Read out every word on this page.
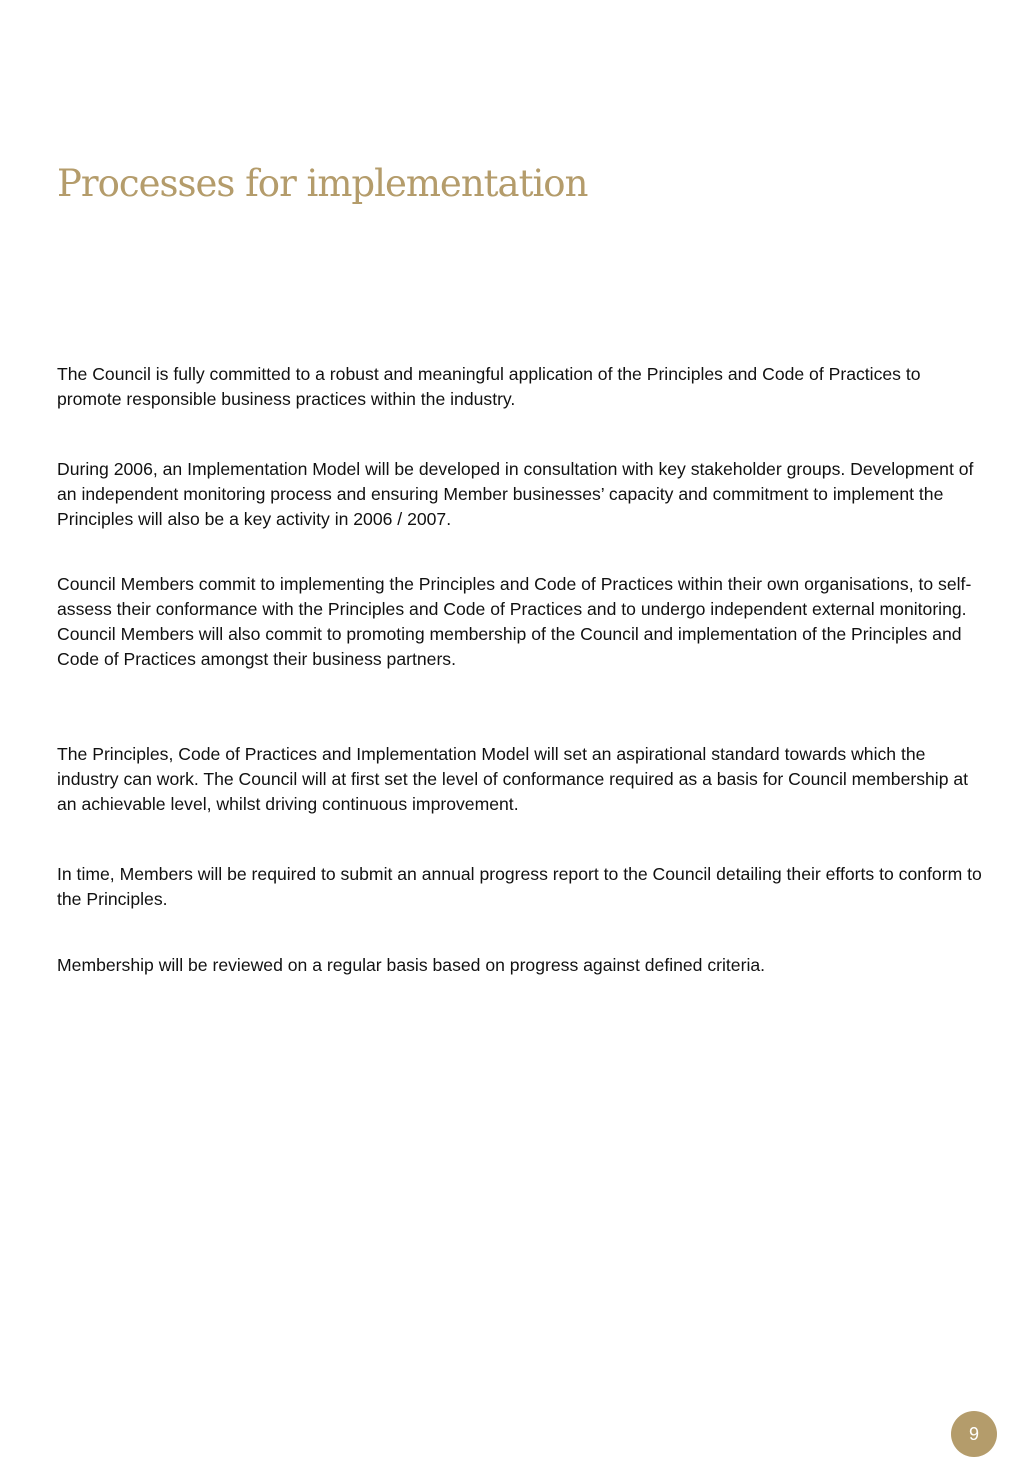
Processes for implementation

The Council is fully committed to a robust and meaningful application of the Principles and Code of Practices to promote responsible business practices within the industry.

During 2006, an Implementation Model will be developed in consultation with key stakeholder groups. Development of an independent monitoring process and ensuring Member businesses’ capacity and commitment to implement the Principles will also be a key activity in 2006 / 2007.

Council Members commit to implementing the Principles and Code of Practices within their own organisations, to self-assess their conformance with the Principles and Code of Practices and to undergo independent external monitoring. Council Members will also commit to promoting membership of the Council and implementation of the Principles and Code of Practices amongst their business partners.

The Principles, Code of Practices and Implementation Model will set an aspirational standard towards which the industry can work. The Council will at first set the level of conformance required as a basis for Council membership at an achievable level, whilst driving continuous improvement.

In time, Members will be required to submit an annual progress report to the Council detailing their efforts to conform to the Principles.

Membership will be reviewed on a regular basis based on progress against defined criteria.

9
